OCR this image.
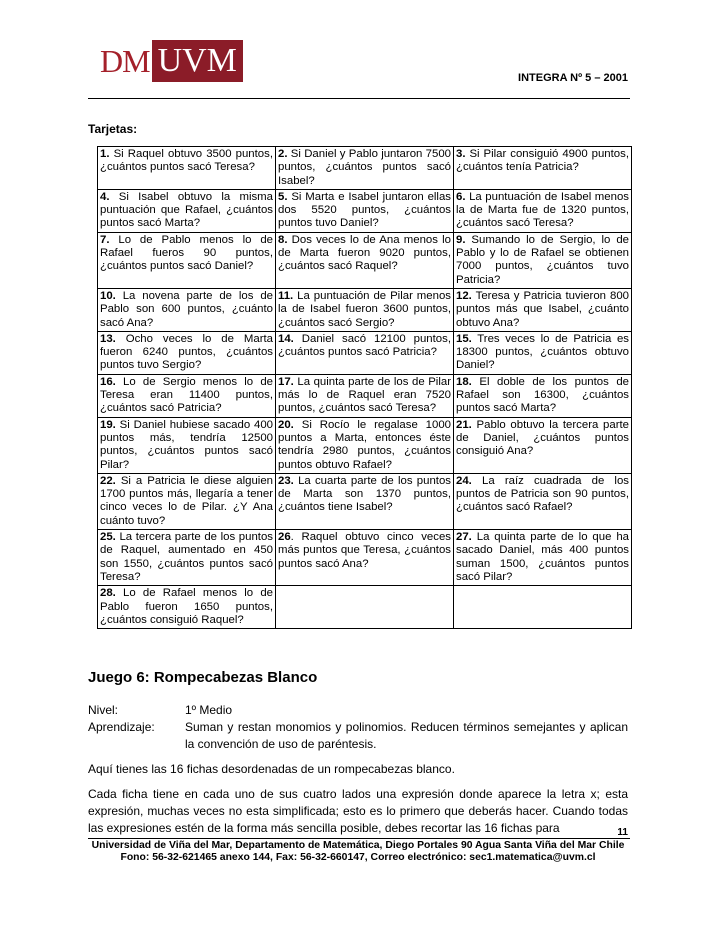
DM UVM	INTEGRA Nº 5 – 2001
Tarjetas:
1. Si Raquel obtuvo 3500 puntos, ¿cuántos puntos sacó Teresa?	2. Si Daniel y Pablo juntaron 7500 puntos, ¿cuántos puntos sacó Isabel?	3. Si Pilar consiguió 4900 puntos, ¿cuántos tenía Patricia?
4. Si Isabel obtuvo la misma puntuación que Rafael, ¿cuántos puntos sacó Marta?	5. Si Marta e Isabel juntaron ellas dos 5520 puntos, ¿cuántos puntos tuvo Daniel?	6. La puntuación de Isabel menos la de Marta fue de 1320 puntos, ¿cuántos sacó Teresa?
7. Lo de Pablo menos lo de Rafael fueros 90 puntos, ¿cuántos puntos sacó Daniel?	8. Dos veces lo de Ana menos lo de Marta fueron 9020 puntos, ¿cuántos sacó Raquel?	9. Sumando lo de Sergio, lo de Pablo y lo de Rafael se obtienen 7000 puntos, ¿cuántos tuvo Patricia?
10. La novena parte de los de Pablo son 600 puntos, ¿cuánto sacó Ana?	11. La puntuación de Pilar menos la de Isabel fueron 3600 puntos, ¿cuántos sacó Sergio?	12. Teresa y Patricia tuvieron 800 puntos más que Isabel, ¿cuánto obtuvo Ana?
13. Ocho veces lo de Marta fueron 6240 puntos, ¿cuántos puntos tuvo Sergio?	14. Daniel sacó 12100 puntos, ¿cuántos puntos sacó Patricia?	15. Tres veces lo de Patricia es 18300 puntos, ¿cuántos obtuvo Daniel?
16. Lo de Sergio menos lo de Teresa eran 11400 puntos, ¿cuántos sacó Patricia?	17. La quinta parte de los de Pilar más lo de Raquel eran 7520 puntos, ¿cuántos sacó Teresa?	18. El doble de los puntos de Rafael son 16300, ¿cuántos puntos sacó Marta?
19. Si Daniel hubiese sacado 400 puntos más, tendría 12500 puntos, ¿cuántos puntos sacó Pilar?	20. Si Rocío le regalase 1000 puntos a Marta, entonces éste tendría 2980 puntos, ¿cuántos puntos obtuvo Rafael?	21. Pablo obtuvo la tercera parte de Daniel, ¿cuántos puntos consiguió Ana?
22. Si a Patricia le diese alguien 1700 puntos más, llegaría a tener cinco veces lo de Pilar. ¿Y Ana cuánto tuvo?	23. La cuarta parte de los puntos de Marta son 1370 puntos, ¿cuántos tiene Isabel?	24. La raíz cuadrada de los puntos de Patricia son 90 puntos, ¿cuántos sacó Rafael?
25. La tercera parte de los puntos de Raquel, aumentado en 450 son 1550, ¿cuántos puntos sacó Teresa?	26. Raquel obtuvo cinco veces más puntos que Teresa, ¿cuántos puntos sacó Ana?	27. La quinta parte de lo que ha sacado Daniel, más 400 puntos suman 1500, ¿cuántos puntos sacó Pilar?
28. Lo de Rafael menos lo de Pablo fueron 1650 puntos, ¿cuántos consiguió Raquel?		
Juego 6: Rompecabezas Blanco
Nivel:	1º Medio
Aprendizaje:	Suman y restan monomios y polinomios. Reducen términos semejantes y aplican la convención de uso de paréntesis.
Aquí tienes las 16 fichas desordenadas de un rompecabezas blanco.
Cada ficha tiene en cada uno de sus cuatro lados una expresión donde aparece la letra x; esta expresión, muchas veces no esta simplificada; esto es lo primero que deberás hacer. Cuando todas las expresiones estén de la forma más sencilla posible, debes recortar las 16 fichas para	11
Universidad de Viña del Mar, Departamento de Matemática, Diego Portales 90 Agua Santa Viña del Mar Chile
Fono: 56-32-621465 anexo 144, Fax: 56-32-660147, Correo electrónico: sec1.matematica@uvm.cl
